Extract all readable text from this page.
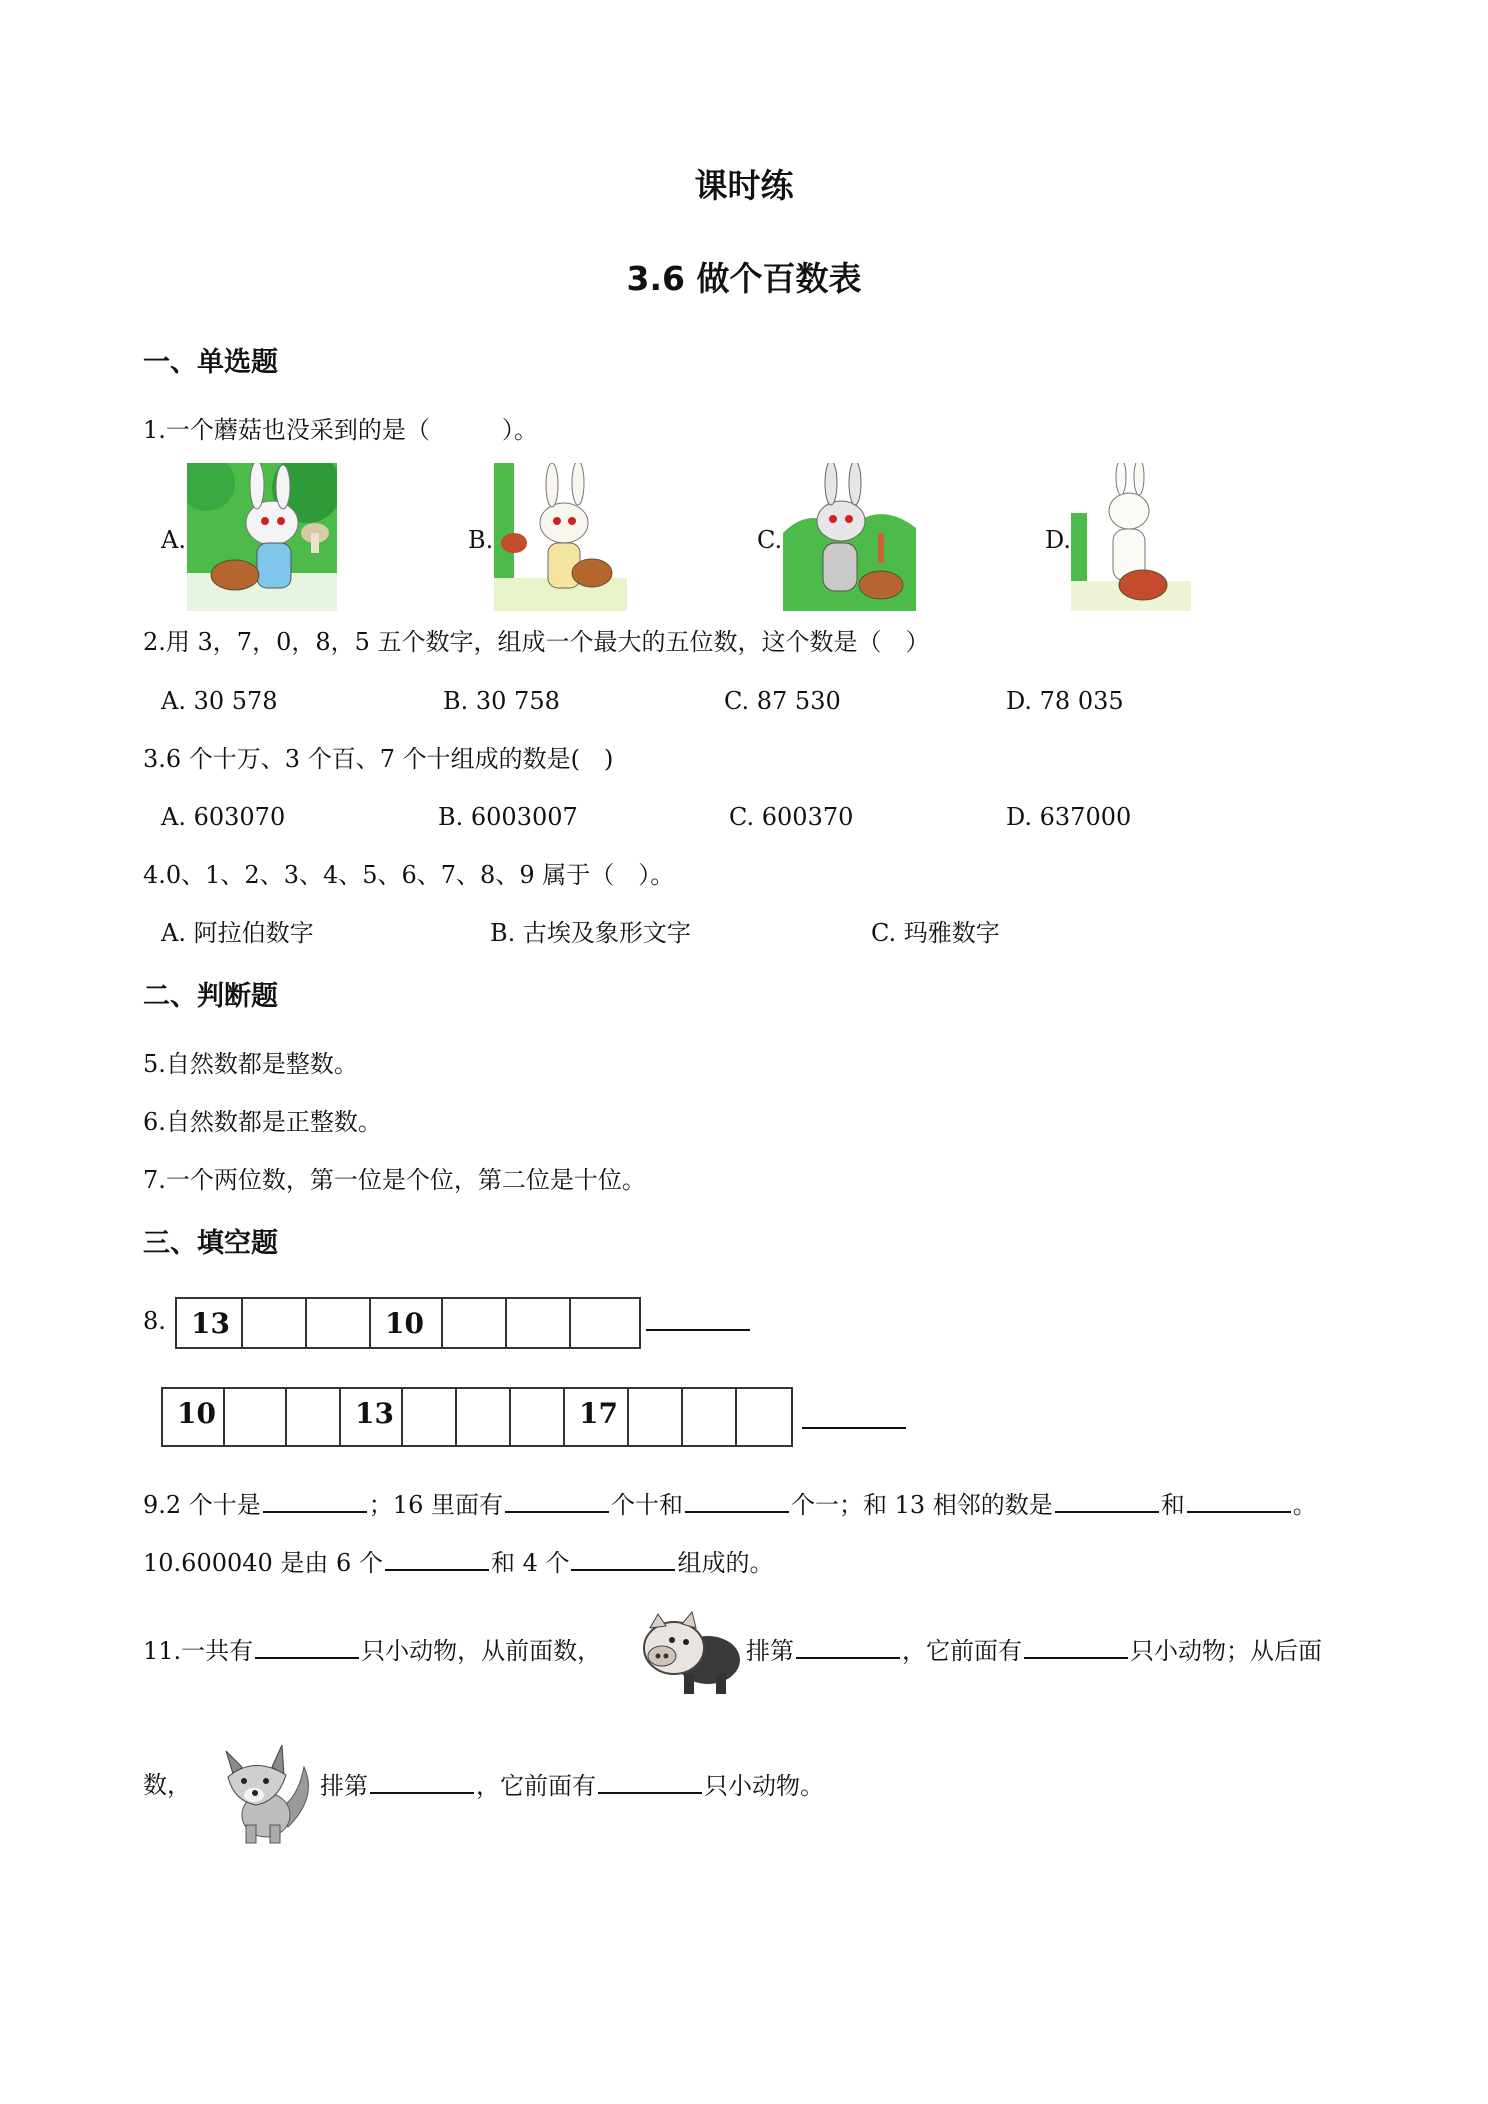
课时练
3.6 做个百数表
一、单选题
1.一个蘑菇也没采到的是（　　　）。
A.	B.	C.	D.
2.用 3，7，0，8，5 五个数字，组成一个最大的五位数，这个数是（　）
A. 30 578	B. 30 758	C. 87 530	D. 78 035
3.6 个十万、3 个百、7 个十组成的数是(　)
A. 603070	B. 6003007	C. 600370	D. 637000
4.0、1、2、3、4、5、6、7、8、9 属于（　）。
A. 阿拉伯数字	B. 古埃及象形文字	C. 玛雅数字
二、判断题
5.自然数都是整数。
6.自然数都是正整数。
7.一个两位数，第一位是个位，第二位是十位。
三、填空题
8. 13	10
10	13	17
9.2 个十是	；16 里面有	个十和	个一；和 13 相邻的数是	和	。
10.600040 是由 6 个	和 4 个	组成的。
11.一共有	只小动物，从前面数，	排第	，它前面有	只小动物；从后面
数，	排第	，它前面有	只小动物。
